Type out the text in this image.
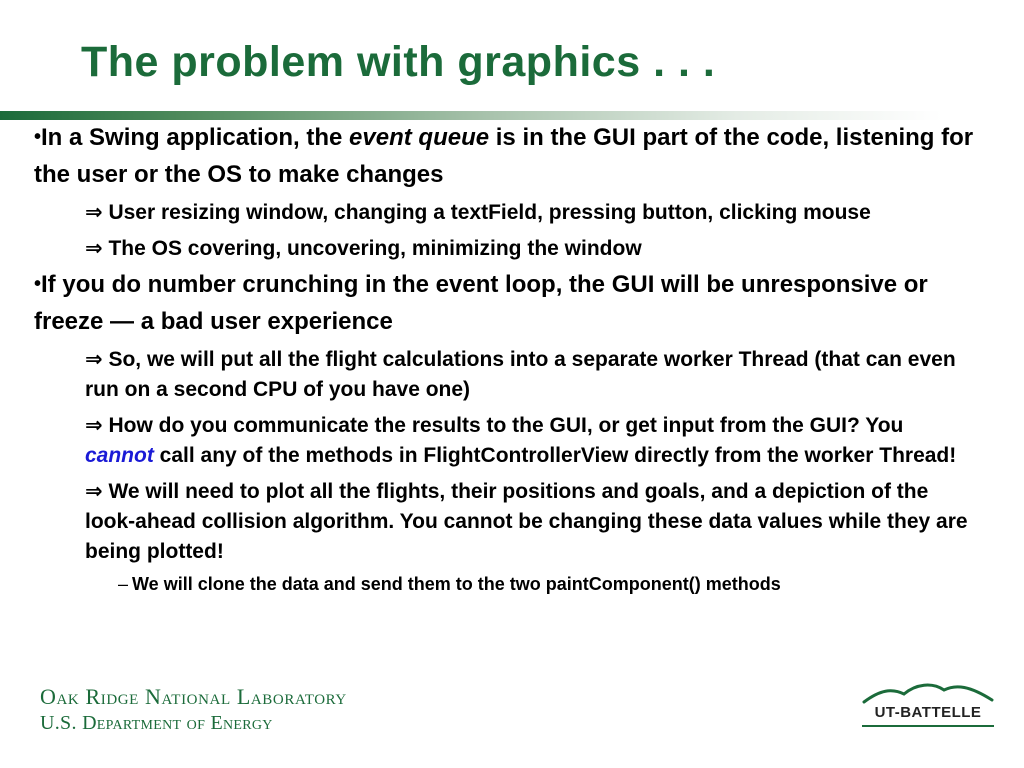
The problem with graphics . . .

•In a Swing application, the event queue is in the GUI part of the code, listening for the user or the OS to make changes

⇒ User resizing window, changing a textField, pressing button, clicking mouse

⇒ The OS covering, uncovering, minimizing the window

•If you do number crunching in the event loop, the GUI will be unresponsive or freeze — a bad user experience

⇒ So, we will put all the flight calculations into a separate worker Thread (that can even run on a second CPU of you have one)

⇒ How do you communicate the results to the GUI, or get input from the GUI? You cannot call any of the methods in FlightControllerView directly from the worker Thread!

⇒ We will need to plot all the flights, their positions and goals, and a depiction of the look-ahead collision algorithm. You cannot be changing these data values while they are being plotted!

– We will clone the data and send them to the two paintComponent() methods

Oak Ridge National Laboratory
U.S. Department of Energy	UT-BATTELLE
